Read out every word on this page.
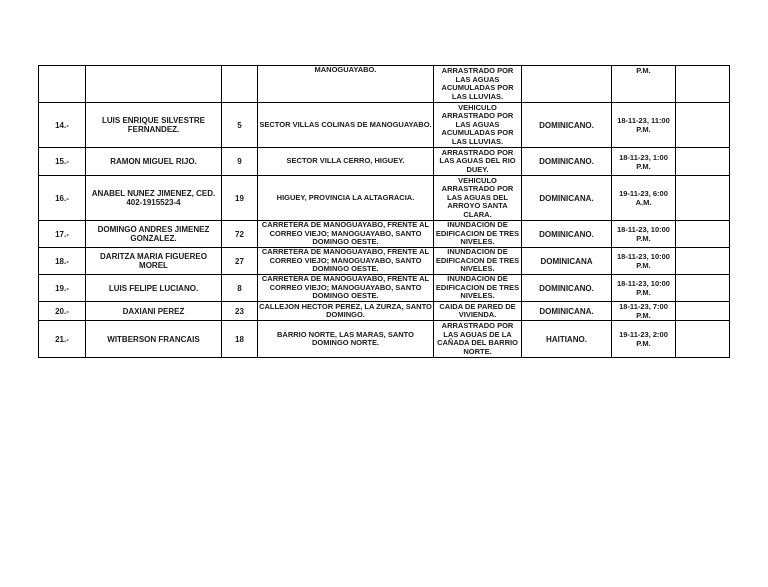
			MANOGUAYABO.	ARRASTRADO POR LAS AGUAS ACUMULADAS POR LAS LLUVIAS.		P.M.	
14.-	LUIS ENRIQUE SILVESTRE FERNANDEZ.	5	SECTOR VILLAS COLINAS DE MANOGUAYABO.	VEHICULO ARRASTRADO POR LAS AGUAS ACUMULADAS POR LAS LLUVIAS.	DOMINICANO.	18-11-23, 11:00 P.M.	
15.-	RAMON MIGUEL RIJO.	9	SECTOR VILLA CERRO, HIGUEY.	ARRASTRADO POR LAS AGUAS DEL RIO DUEY.	DOMINICANO.	18-11-23, 1:00 P.M.	
16.-	ANABEL NUNEZ JIMENEZ, CED. 402-1915523-4	19	HIGUEY, PROVINCIA LA ALTAGRACIA.	VEHICULO ARRASTRADO POR LAS AGUAS DEL ARROYO SANTA CLARA.	DOMINICANA.	19-11-23, 6:00 A.M.	
17.-	DOMINGO ANDRES JIMENEZ GONZALEZ.	72	CARRETERA DE MANOGUAYABO, FRENTE AL CORREO VIEJO; MANOGUAYABO, SANTO DOMINGO OESTE.	INUNDACION DE EDIFICACION DE TRES NIVELES.	DOMINICANO.	18-11-23, 10:00 P.M.	
18.-	DARITZA MARIA FIGUEREO MOREL	27	CARRETERA DE MANOGUAYABO, FRENTE AL CORREO VIEJO; MANOGUAYABO, SANTO DOMINGO OESTE.	INUNDACION DE EDIFICACION DE TRES NIVELES.	DOMINICANA	18-11-23, 10:00 P.M.	
19.-	LUIS FELIPE LUCIANO.	8	CARRETERA DE MANOGUAYABO, FRENTE AL CORREO VIEJO; MANOGUAYABO, SANTO DOMINGO OESTE.	INUNDACION DE EDIFICACION DE TRES NIVELES.	DOMINICANO.	18-11-23, 10:00 P.M.	
20.-	DAXIANI PEREZ	23	CALLEJON HECTOR PEREZ, LA ZURZA, SANTO DOMINGO.	CAIDA DE PARED DE VIVIENDA.	DOMINICANA.	18-11-23, 7:00 P.M.	
21.-	WITBERSON FRANCAIS	18	BARRIO NORTE, LAS MARAS, SANTO DOMINGO NORTE.	ARRASTRADO POR LAS AGUAS DE LA CAÑADA DEL BARRIO NORTE.	HAITIANO.	19-11-23, 2:00 P.M.	
